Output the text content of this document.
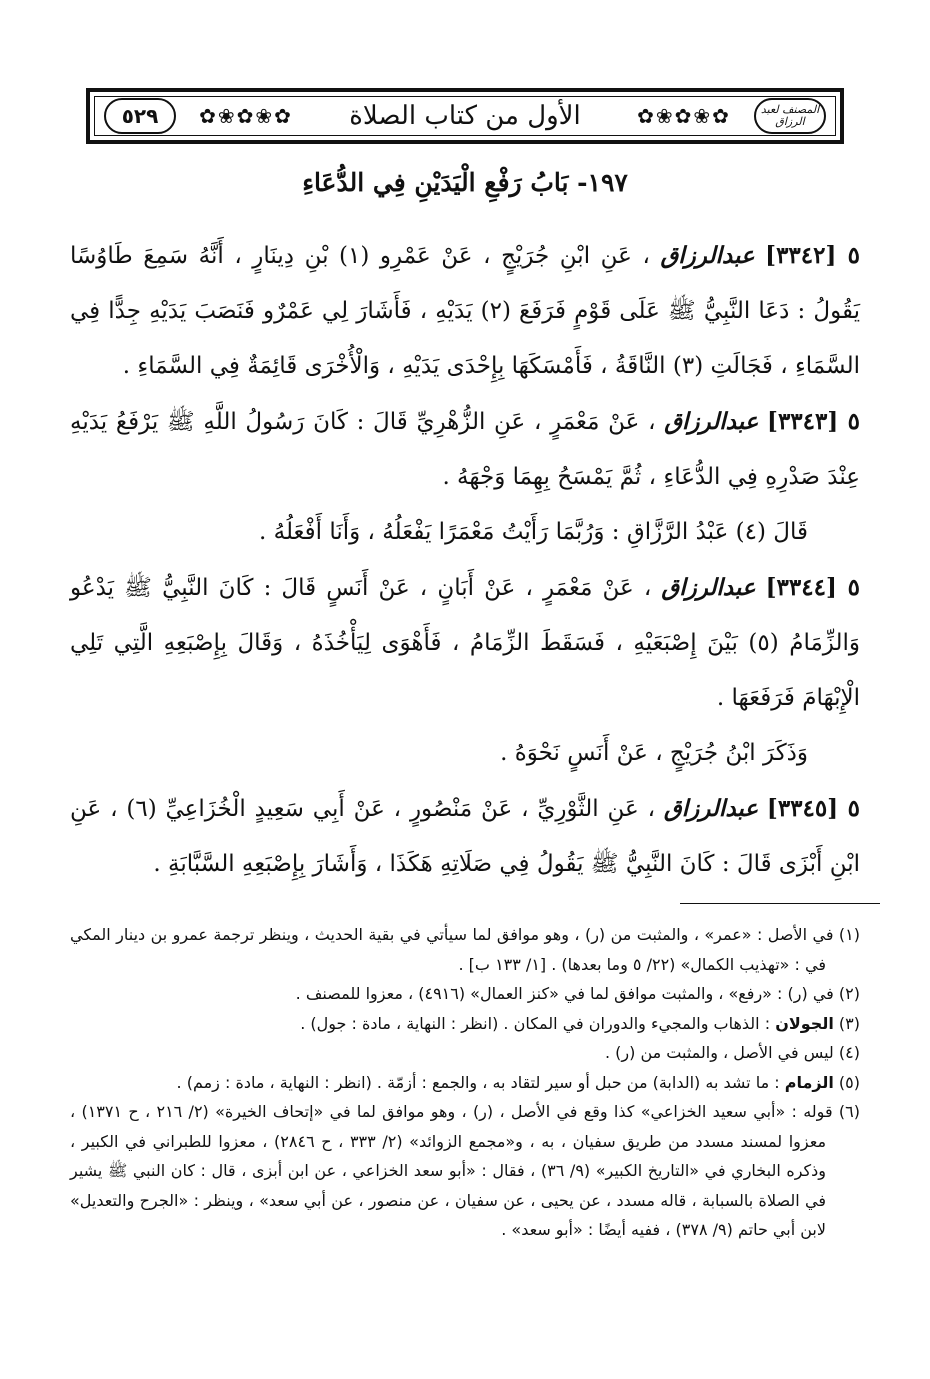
٥٢٩	✿❀✿❀✿	الأول من كتاب الصلاة	✿❀✿❀✿	المصنف لعبد الرزاق
١٩٧- بَابُ رَفْعِ الْيَدَيْنِ فِي الدُّعَاءِ

٥ [٣٣٤٢] عبدالرزاق ، عَنِ ابْنِ جُرَيْجٍ ، عَنْ عَمْرِو (١) بْنِ دِينَارٍ ، أَنَّهُ سَمِعَ طَاوُسًا يَقُولُ : دَعَا النَّبِيُّ ﷺ عَلَى قَوْمٍ فَرَفَعَ (٢) يَدَيْهِ ، فَأَشَارَ لِي عَمْرٌو فَنَصَبَ يَدَيْهِ جِدًّا فِي السَّمَاءِ ، فَجَالَتِ (٣) النَّاقَةُ ، فَأَمْسَكَهَا بِإِحْدَى يَدَيْهِ ، وَالْأُخْرَى قَائِمَةٌ فِي السَّمَاءِ .

٥ [٣٣٤٣] عبدالرزاق ، عَنْ مَعْمَرٍ ، عَنِ الزُّهْرِيِّ قَالَ : كَانَ رَسُولُ اللَّهِ ﷺ يَرْفَعُ يَدَيْهِ عِنْدَ صَدْرِهِ فِي الدُّعَاءِ ، ثُمَّ يَمْسَحُ بِهِمَا وَجْهَهُ .

قَالَ (٤) عَبْدُ الرَّزَّاقِ : وَرُبَّمَا رَأَيْتُ مَعْمَرًا يَفْعَلُهُ ، وَأَنَا أَفْعَلُهُ .

٥ [٣٣٤٤] عبدالرزاق ، عَنْ مَعْمَرٍ ، عَنْ أَبَانٍ ، عَنْ أَنَسٍ قَالَ : كَانَ النَّبِيُّ ﷺ يَدْعُو وَالزِّمَامُ (٥) بَيْنَ إِصْبَعَيْهِ ، فَسَقَطَ الزِّمَامُ ، فَأَهْوَى لِيَأْخُذَهُ ، وَقَالَ بِإِصْبَعِهِ الَّتِي تَلِي الْإِبْهَامَ فَرَفَعَهَا .

وَذَكَرَ ابْنُ جُرَيْجٍ ، عَنْ أَنَسٍ نَحْوَهُ .

٥ [٣٣٤٥] عبدالرزاق ، عَنِ الثَّوْرِيِّ ، عَنْ مَنْصُورٍ ، عَنْ أَبِي سَعِيدٍ الْخُزَاعِيِّ (٦) ، عَنِ ابْنِ أَبْزَى قَالَ : كَانَ النَّبِيُّ ﷺ يَقُولُ فِي صَلَاتِهِ هَكَذَا ، وَأَشَارَ بِإِصْبَعِهِ السَّبَّابَةِ .

(١) في الأصل : «عمر» ، والمثبت من (ر) ، وهو موافق لما سيأتي في بقية الحديث ، وينظر ترجمة عمرو بن دينار المكي في : «تهذيب الكمال» (٢٢/ ٥ وما بعدها) . [١/ ١٣٣ ب] .

(٢) في (ر) : «رفع» ، والمثبت موافق لما في «كنز العمال» (٤٩١٦) ، معزوا للمصنف .

(٣) الجولان : الذهاب والمجيء والدوران في المكان . (انظر : النهاية ، مادة : جول) .

(٤) ليس في الأصل ، والمثبت من (ر) .

(٥) الزمام : ما تشد به (الدابة) من حبل أو سير لتقاد به ، والجمع : أزمّة . (انظر : النهاية ، مادة : زمم) .

(٦) قوله : «أبي سعيد الخزاعي» كذا وقع في الأصل ، (ر) ، وهو موافق لما في «إتحاف الخيرة» (٢/ ٢١٦ ، ح ١٣٧١) ، معزوا لمسند مسدد من طريق سفيان ، به ، و«مجمع الزوائد» (٢/ ٣٣٣ ، ح ٢٨٤٦) ، معزوا للطبراني في الكبير ، وذكره البخاري في «التاريخ الكبير» (٩/ ٣٦) ، فقال : «أبو سعد الخزاعي ، عن ابن أبزى ، قال : كان النبي ﷺ يشير في الصلاة بالسبابة ، قاله مسدد ، عن يحيى ، عن سفيان ، عن منصور ، عن أبي سعد» ، وينظر : «الجرح والتعديل» لابن أبي حاتم (٩/ ٣٧٨) ، ففيه أيضًا : «أبو سعد» .
